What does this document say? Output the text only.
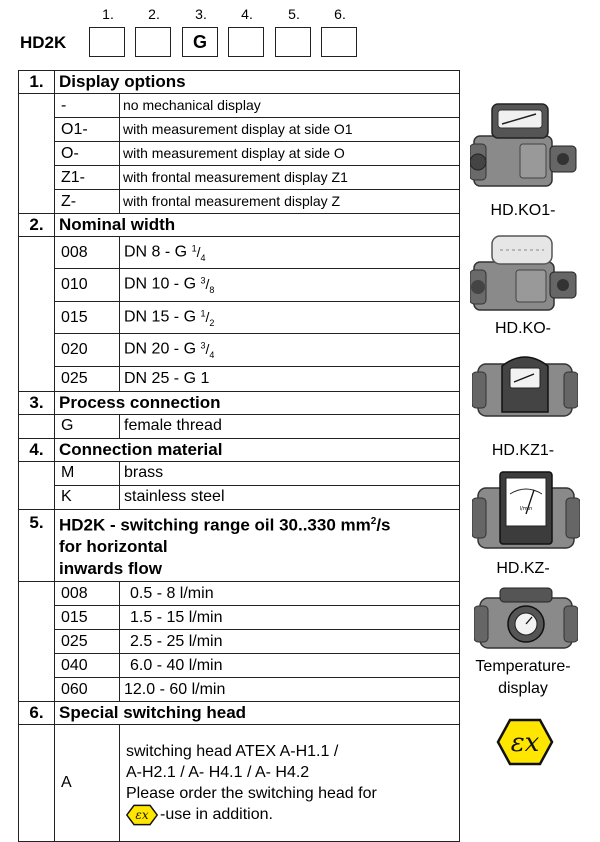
HD2K
1. 2.	3. 4.	5. 6.
G
1.	Display options	
	-	no mechanical display
	O1-	with measurement display at side O1
	O-	with measurement display at side O
	Z1-	with frontal measurement display Z1
	Z-	with frontal measurement display Z
2.	Nominal width	
	008	DN 8 - G $^1/_4$
	010	DN 10 - G $^3/_8$
	015	DN 15 - G $^1/_2$
	020	DN 20 - G $^3/_4$
	025	DN 25 - G 1
3.	Process connection	
	G	female thread
4.	Connection material	
	M	brass
	K	stainless steel
5.	HD2K - switching range oil 30..330 $mm^2/s$
for horizontal
inwards flow	

	008	0.5 - 8 l/min
	015	1.5 - 15 l/min
	025	2.5 - 25 l/min
	040	6.0 - 40 l/min
	060	12.0 - 60 l/min
6.	Special switching head	
	A	switching head ATEX A-H1.1 /
A-H2.1 / A- H4.1 / A- H4.2
Please order the switching head for
εx -use in addition.
HD.KO1-
HD.KO-
HD.KZ1-
l/min
HD.KZ-
Temperature-
display
εx
